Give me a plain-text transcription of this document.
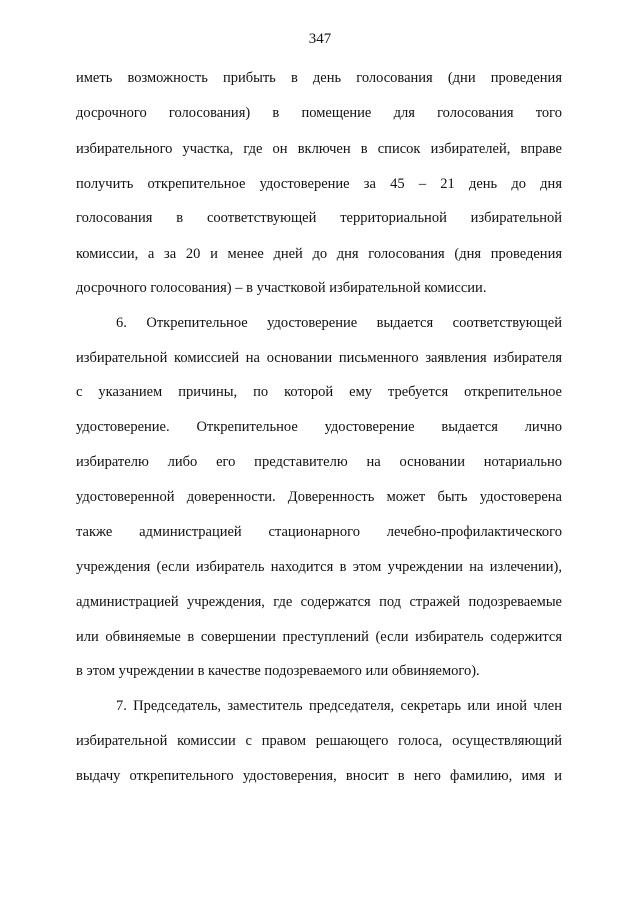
347
иметь возможность прибыть в день голосования (дни проведения
досрочного голосования) в помещение для голосования того
избирательного участка, где он включен в список избирателей, вправе
получить открепительное удостоверение за 45 – 21 день до дня
голосования в соответствующей территориальной избирательной
комиссии, а за 20 и менее дней до дня голосования (дня проведения
досрочного голосования) – в участковой избирательной комиссии.
6. Открепительное удостоверение выдается соответствующей
избирательной комиссией на основании письменного заявления избирателя
с указанием причины, по которой ему требуется открепительное
удостоверение. Открепительное удостоверение выдается лично
избирателю либо его представителю на основании нотариально
удостоверенной доверенности. Доверенность может быть удостоверена
также администрацией стационарного лечебно-профилактического
учреждения (если избиратель находится в этом учреждении на излечении),
администрацией учреждения, где содержатся под стражей подозреваемые
или обвиняемые в совершении преступлений (если избиратель содержится
в этом учреждении в качестве подозреваемого или обвиняемого).
7. Председатель, заместитель председателя, секретарь или иной член
избирательной комиссии с правом решающего голоса, осуществляющий
выдачу открепительного удостоверения, вносит в него фамилию, имя и
